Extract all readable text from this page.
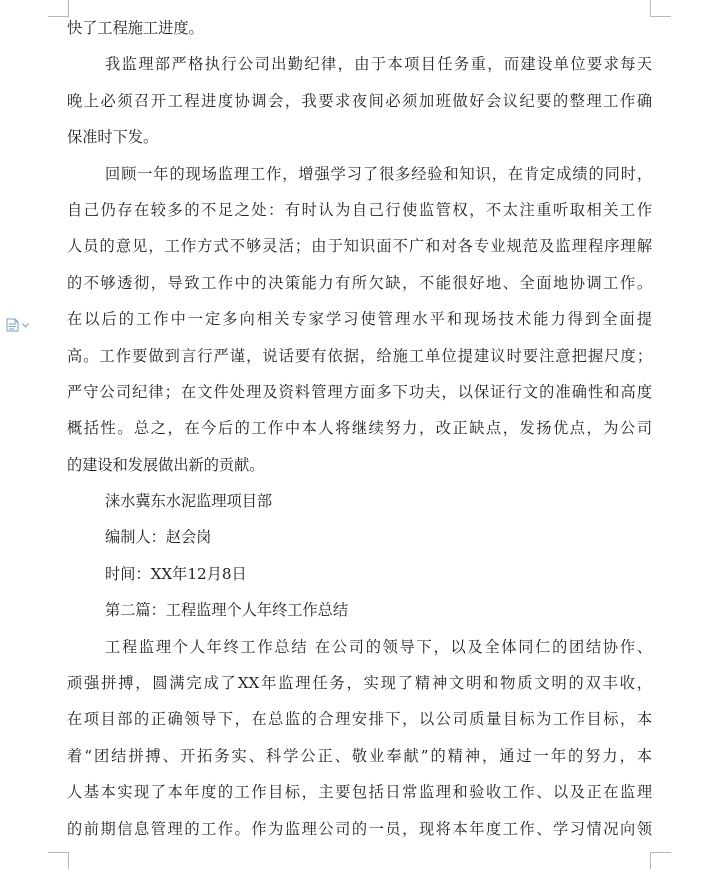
快了工程施工进度。
我监理部严格执行公司出勤纪律，由于本项目任务重，而建设单位要求每天
晚上必须召开工程进度协调会，我要求夜间必须加班做好会议纪要的整理工作确
保准时下发。
回顾一年的现场监理工作，增强学习了很多经验和知识，在肯定成绩的同时，
自己仍存在较多的不足之处：有时认为自己行使监管权，不太注重听取相关工作
人员的意见，工作方式不够灵活；由于知识面不广和对各专业规范及监理程序理解
的不够透彻，导致工作中的决策能力有所欠缺，不能很好地、全面地协调工作。
在以后的工作中一定多向相关专家学习使管理水平和现场技术能力得到全面提
高。工作要做到言行严谨，说话要有依据，给施工单位提建议时要注意把握尺度；
严守公司纪律；在文件处理及资料管理方面多下功夫，以保证行文的准确性和高度
概括性。总之，在今后的工作中本人将继续努力，改正缺点，发扬优点，为公司
的建设和发展做出新的贡献。
涞水冀东水泥监理项目部
编制人：赵会岗
时间：XX年12月8日
第二篇：工程监理个人年终工作总结
工程监理个人年终工作总结 在公司的领导下，以及全体同仁的团结协作、
顽强拼搏，圆满完成了XX年监理任务，实现了精神文明和物质文明的双丰收，
在项目部的正确领导下，在总监的合理安排下，以公司质量目标为工作目标，本
着“团结拼搏、开拓务实、科学公正、敬业奉献”的精神，通过一年的努力，本
人基本实现了本年度的工作目标，主要包括日常监理和验收工作、以及正在监理
的前期信息管理的工作。作为监理公司的一员，现将本年度工作、学习情况向领
